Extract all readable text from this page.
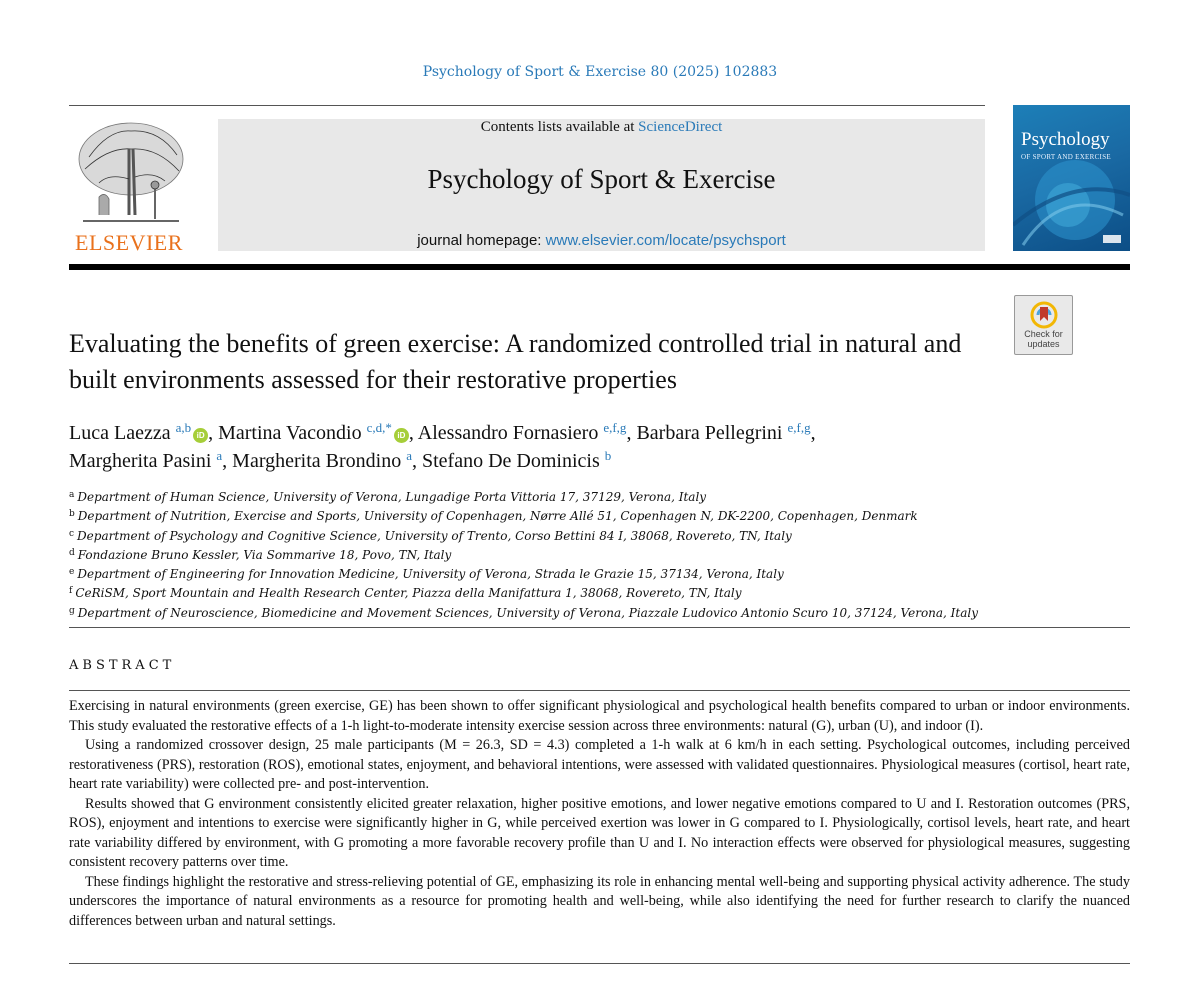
Psychology of Sport & Exercise 80 (2025) 102883
ELSEVIER
Contents lists available at ScienceDirect
Psychology of Sport & Exercise
journal homepage: www.elsevier.com/locate/psychsport
Psychology
OF SPORT AND EXERCISE
Check for updates
Evaluating the benefits of green exercise: A randomized controlled trial in natural and built environments assessed for their restorative properties
Luca Laezza $^{a,b}$iD , Martina Vacondio $^{c,d,*}$iD , Alessandro Fornasiero $^{e,f,g}$, Barbara Pellegrini $^{e,f,g}$,
Margherita Pasini $^a$, Margherita Brondino $^a$, Stefano De Dominicis $^b$
$^a$ Department of Human Science, University of Verona, Lungadige Porta Vittoria 17, 37129, Verona, Italy
$^b$ Department of Nutrition, Exercise and Sports, University of Copenhagen, Nørre Allé 51, Copenhagen N, DK-2200, Copenhagen, Denmark
$^c$ Department of Psychology and Cognitive Science, University of Trento, Corso Bettini 84 I, 38068, Rovereto, TN, Italy
$^d$ Fondazione Bruno Kessler, Via Sommarive 18, Povo, TN, Italy
$^e$ Department of Engineering for Innovation Medicine, University of Verona, Strada le Grazie 15, 37134, Verona, Italy
$^f$ CeRiSM, Sport Mountain and Health Research Center, Piazza della Manifattura 1, 38068, Rovereto, TN, Italy
$^g$ Department of Neuroscience, Biomedicine and Movement Sciences, University of Verona, Piazzale Ludovico Antonio Scuro 10, 37124, Verona, Italy
ABSTRACT

Exercising in natural environments (green exercise, GE) has been shown to offer significant physiological and psychological health benefits compared to urban or indoor environments. This study evaluated the restorative effects of a 1-h light-to-moderate intensity exercise session across three environments: natural (G), urban (U), and indoor (I).

Using a randomized crossover design, 25 male participants (M = 26.3, SD = 4.3) completed a 1-h walk at 6 km/h in each setting. Psychological outcomes, including perceived restorativeness (PRS), restoration (ROS), emotional states, enjoyment, and behavioral intentions, were assessed with validated questionnaires. Physiological measures (cortisol, heart rate, heart rate variability) were collected pre- and post-intervention.

Results showed that G environment consistently elicited greater relaxation, higher positive emotions, and lower negative emotions compared to U and I. Restoration outcomes (PRS, ROS), enjoyment and intentions to exercise were significantly higher in G, while perceived exertion was lower in G compared to I. Physiologically, cortisol levels, heart rate, and heart rate variability differed by environment, with G promoting a more favorable recovery profile than U and I. No interaction effects were observed for physiological measures, suggesting consistent recovery patterns over time.

These findings highlight the restorative and stress-relieving potential of GE, emphasizing its role in enhancing mental well-being and supporting physical activity adherence. The study underscores the importance of natural environments as a resource for promoting health and well-being, while also identifying the need for further research to clarify the nuanced differences between urban and natural settings.
